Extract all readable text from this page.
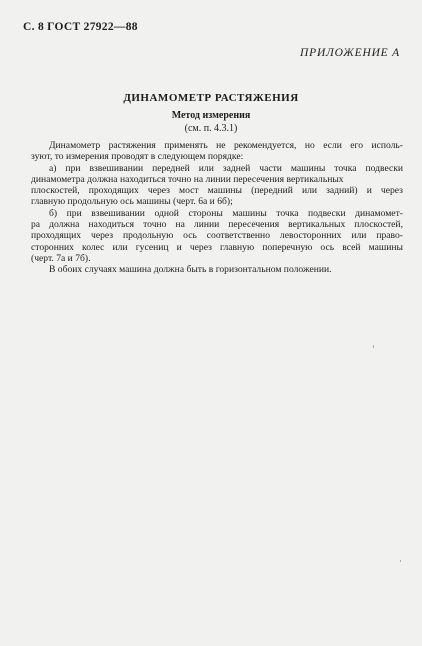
С. 8 ГОСТ 27922—88
ПРИЛОЖЕНИЕ А
ДИНАМОМЕТР РАСТЯЖЕНИЯ
Метод измерения
(см. п. 4.3.1)
Динамометр растяжения применять не рекомендуется, но если его исполь-
зуют, то измерения проводят в следующем порядке:
а) при взвешивании передней или задней части машины точка подвески
динамометра должна находиться точно на линии пересечения вертикальных
плоскостей, проходящих через мост машины (передний или задний) и через
главную продольную ось машины (черт. 6а и 6б);
б) при взвешивании одной стороны машины точка подвески динамомет-
ра должна находиться точно на линии пересечения вертикальных плоскостей,
проходящих через продольную ось соответственно левосторонних или право-
сторонних колес или гусениц и через главную поперечную ось всей машины
(черт. 7а и 7б).
В обоих случаях машина должна быть в горизонтальном положении.
